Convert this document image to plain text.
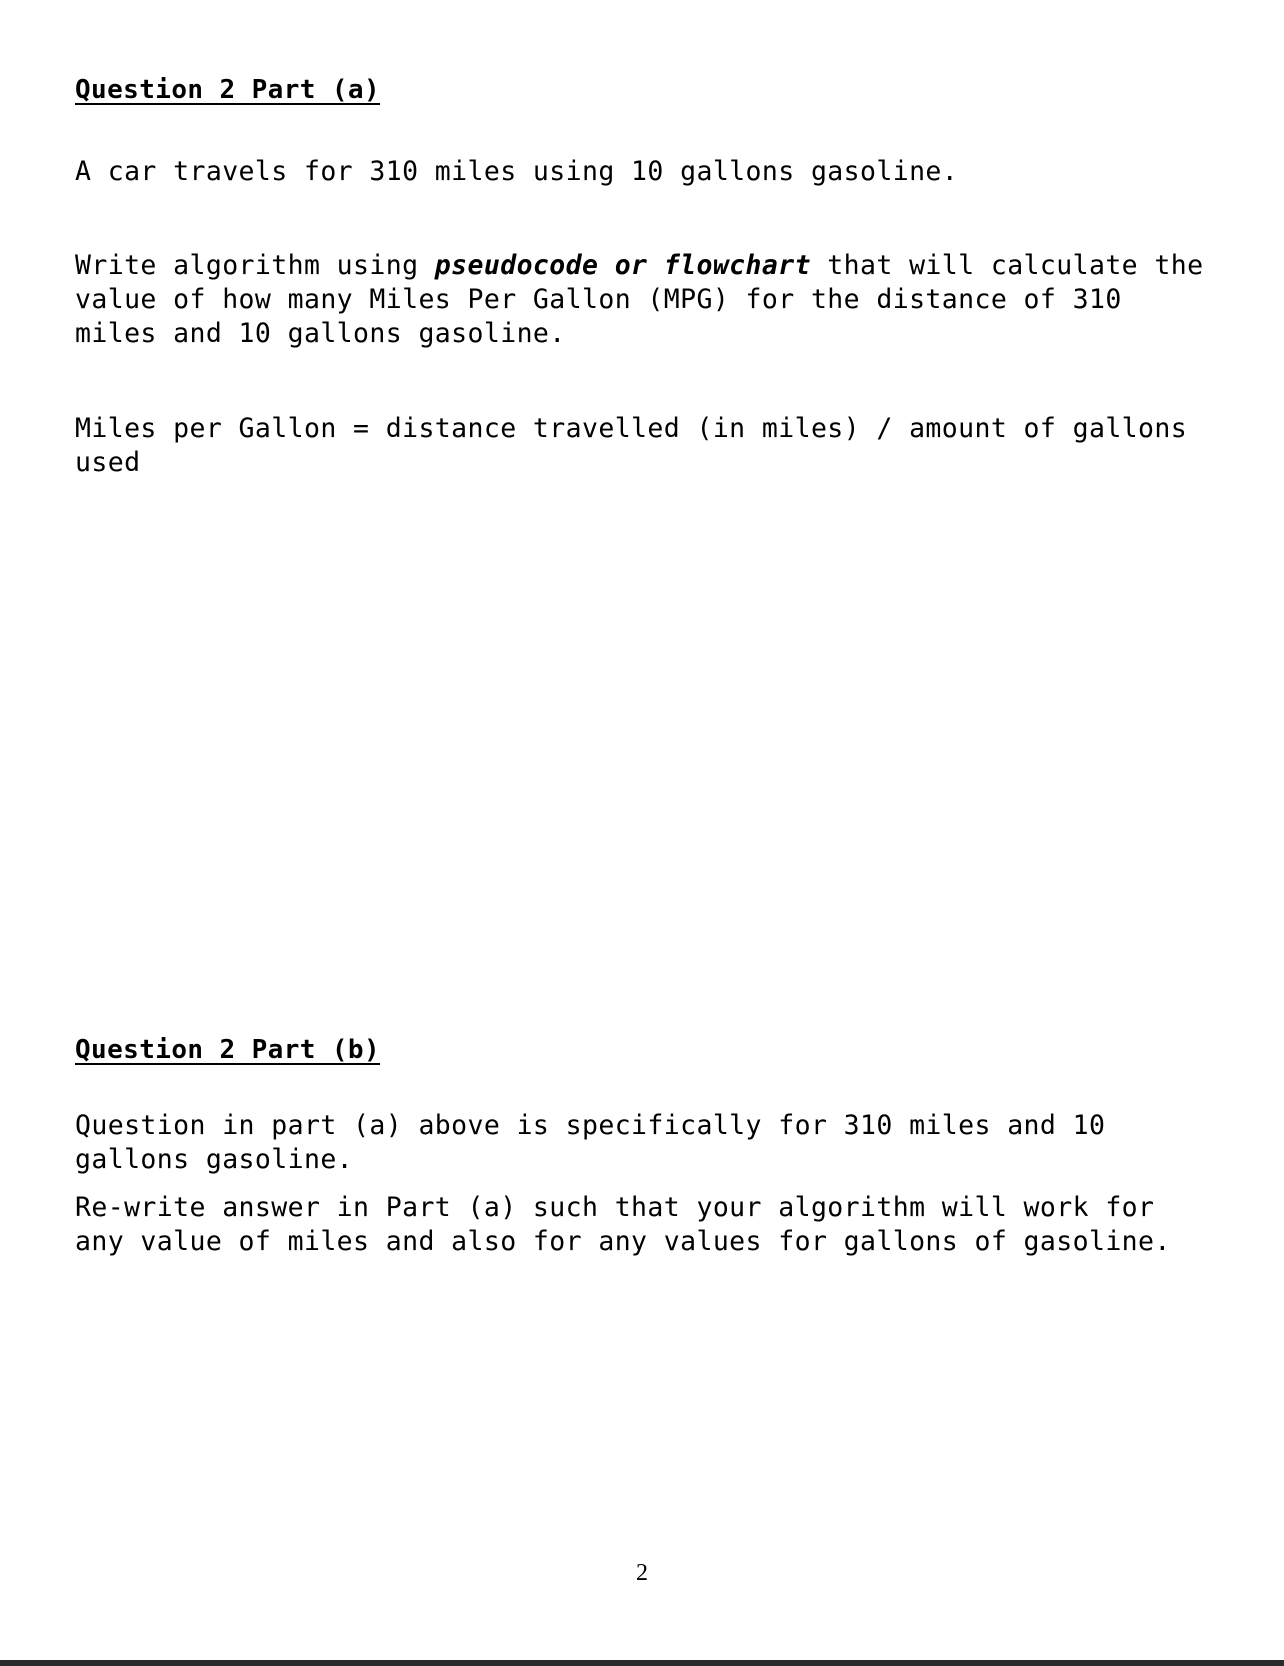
Question 2 Part (a)

A car travels for 310 miles using 10 gallons gasoline.

Write algorithm using pseudocode or flowchart that will calculate the value of how many Miles Per Gallon (MPG) for the distance of 310 miles and 10 gallons gasoline.

Miles per Gallon = distance travelled (in miles) / amount of gallons used

Question 2 Part (b)

Question in part (a) above is specifically for 310 miles and 10 gallons gasoline.

Re-write answer in Part (a) such that your algorithm will work for any value of miles and also for any values for gallons of gasoline.

2
